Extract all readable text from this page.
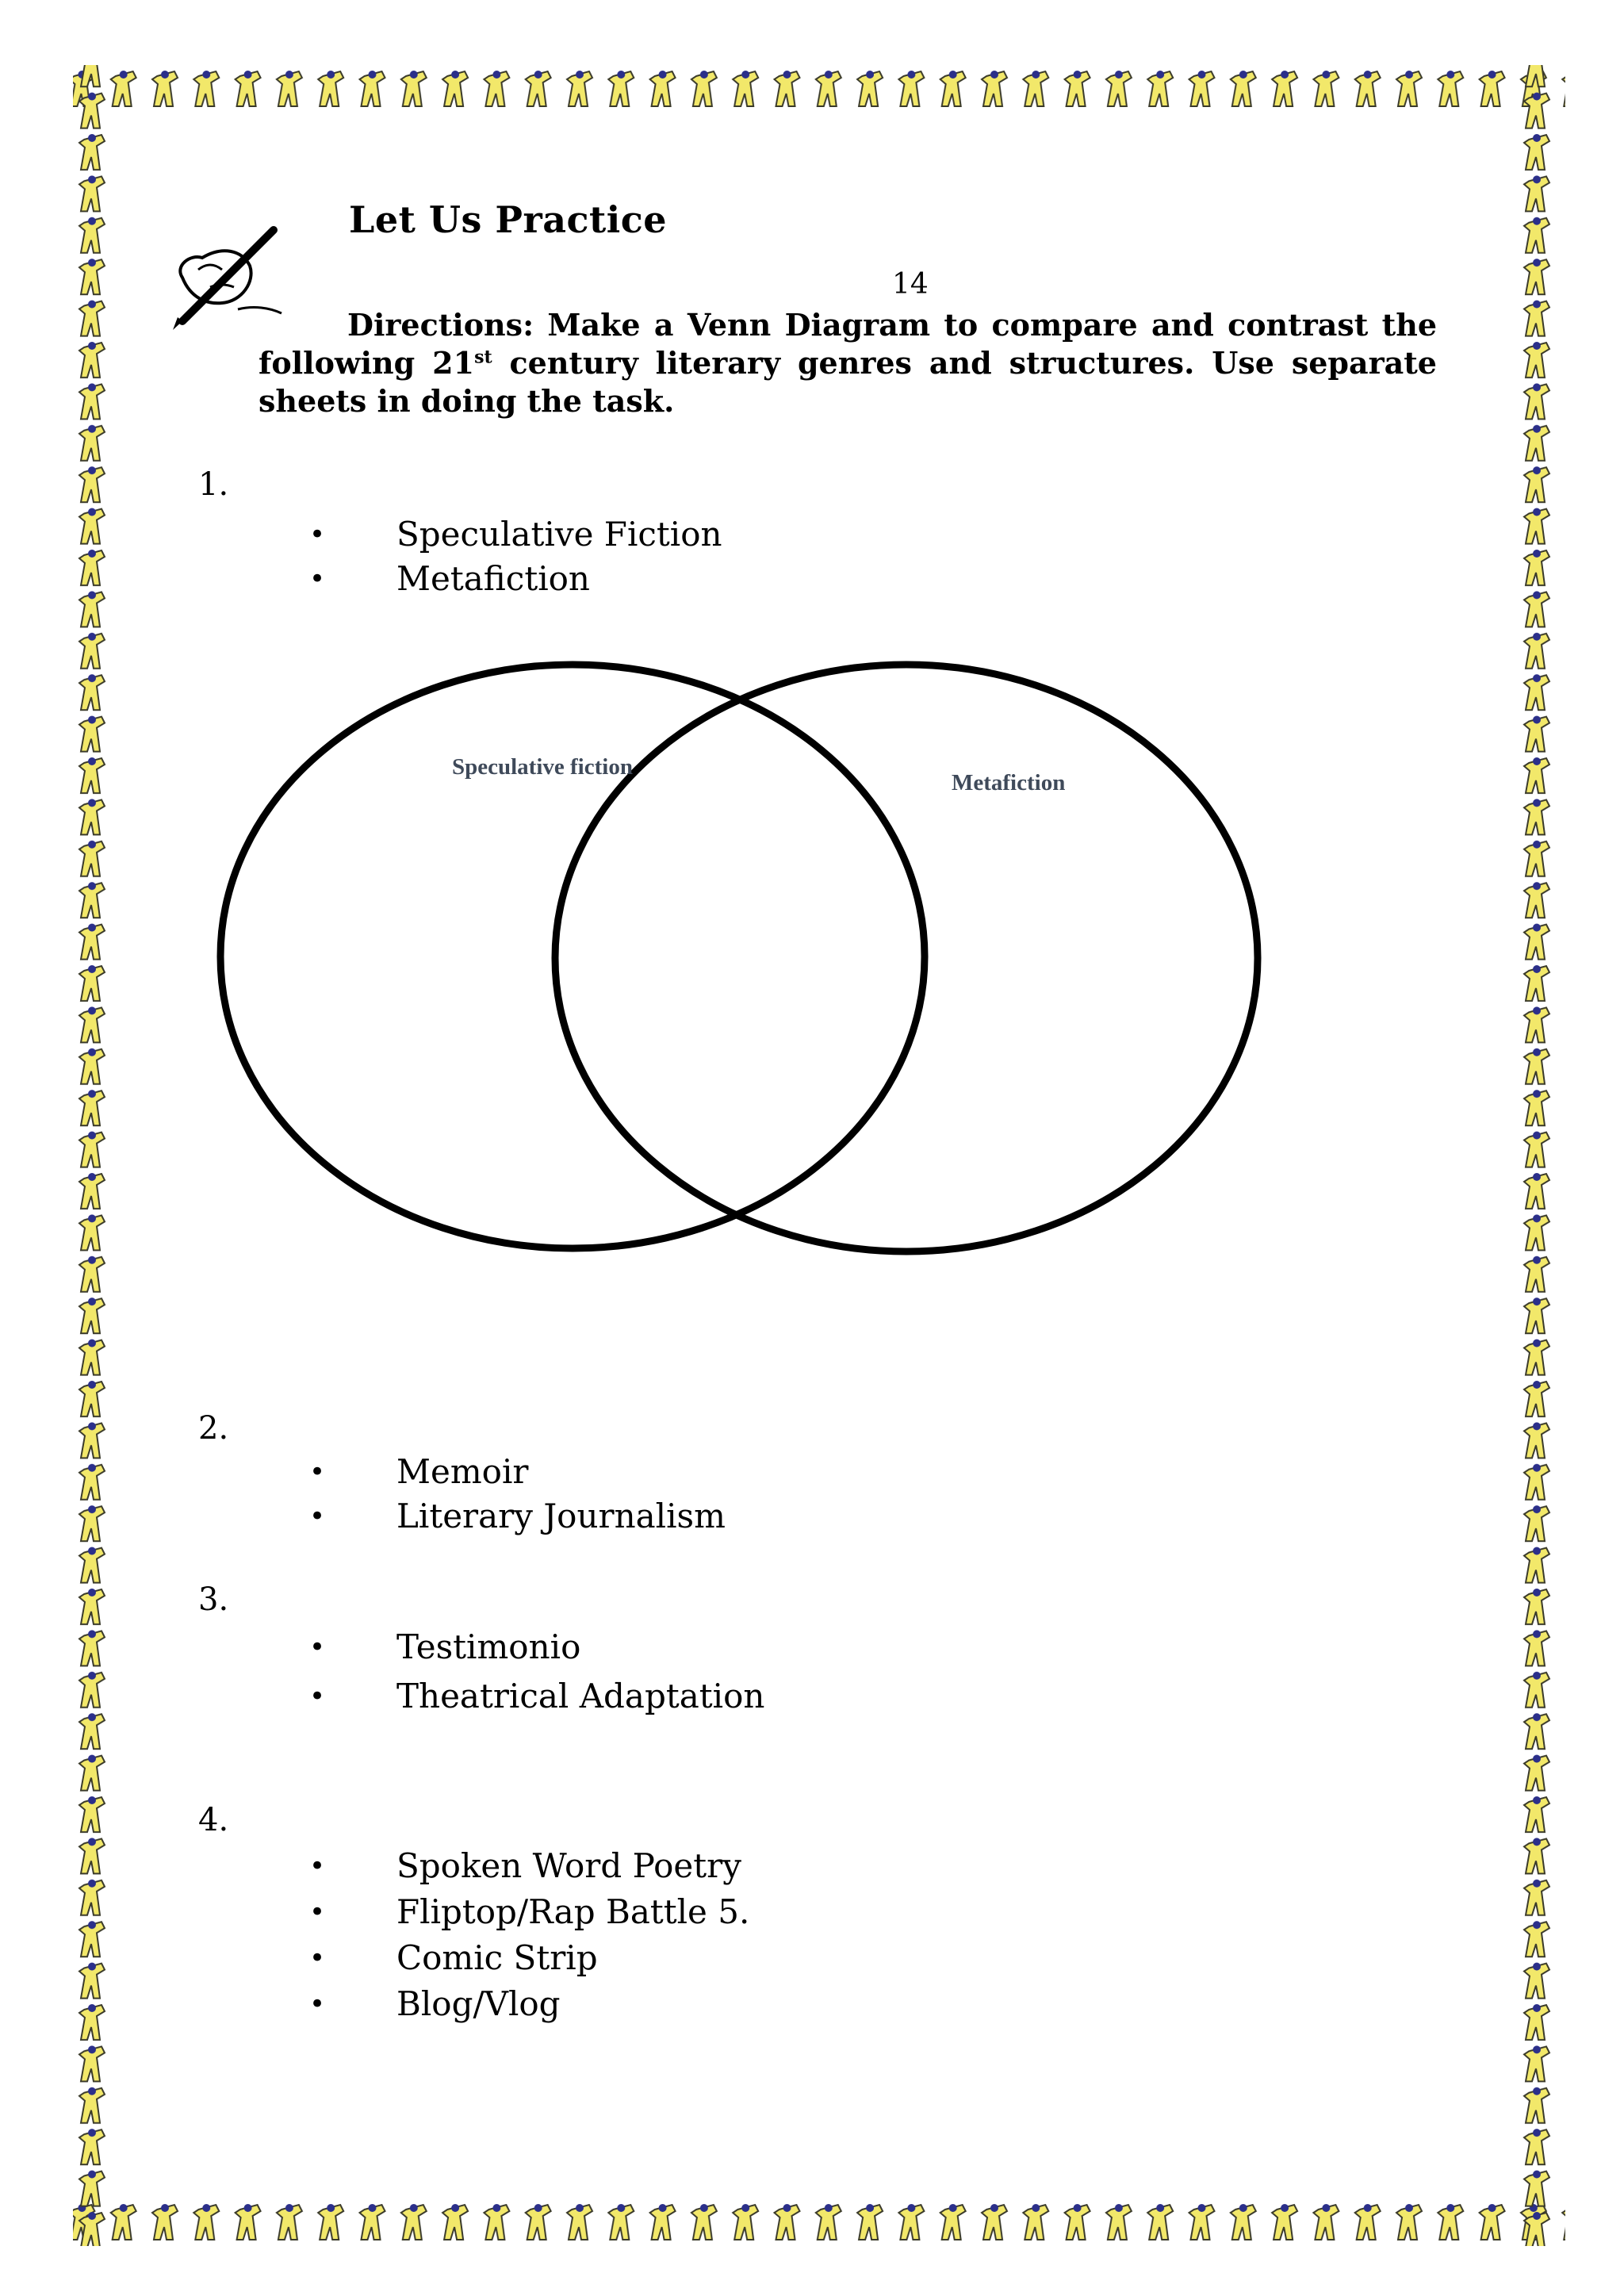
Let Us Practice
14

Directions: Make a Venn Diagram to compare and contrast the following 21st century literary genres and structures. Use separate sheets in doing the task.

1.
• Speculative Fiction
• Metafiction
Speculative fiction
Metafiction
2.
• Memoir
• Literary Journalism
3.
• Testimonio
• Theatrical Adaptation
4.
• Spoken Word Poetry
• Fliptop/Rap Battle 5.
• Comic Strip
• Blog/Vlog
